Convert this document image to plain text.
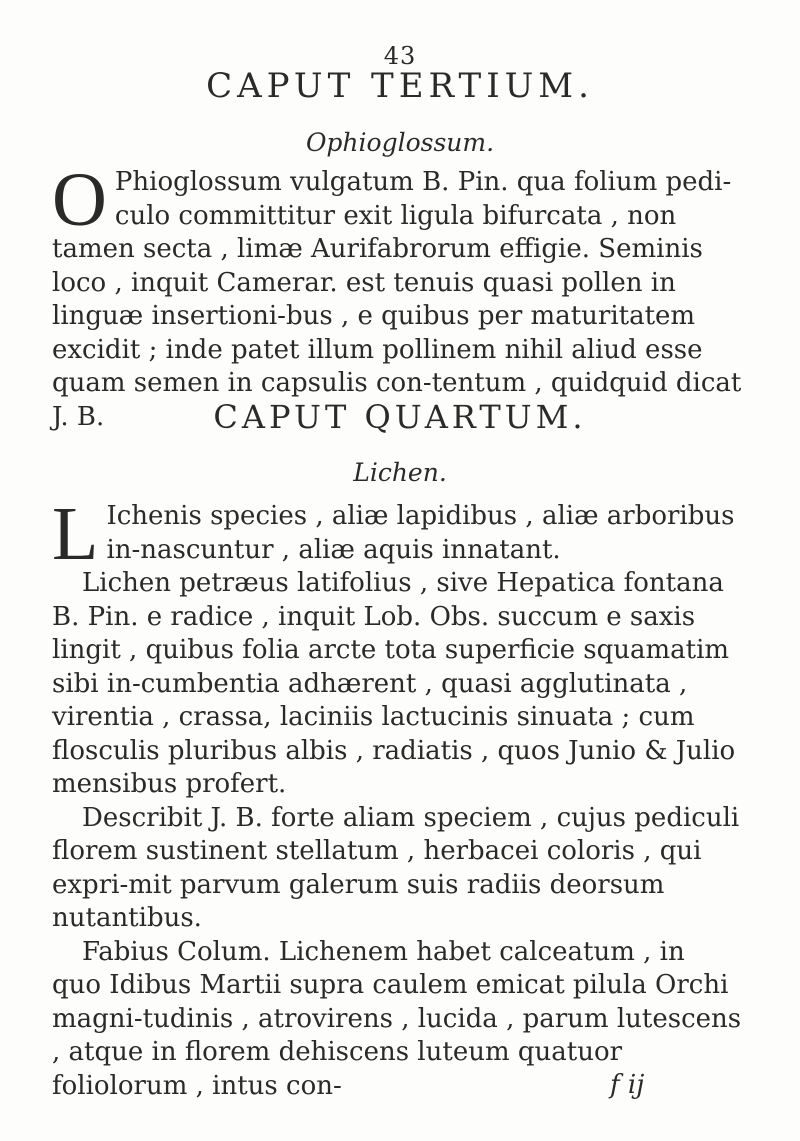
43
CAPUT TERTIUM.
Ophioglossum.

O Phioglossum vulgatum B. Pin. qua folium pedi-culo committitur exit ligula bifurcata , non tamen secta , limæ Aurifabrorum effigie. Seminis loco , inquit Camerar. est tenuis quasi pollen in linguæ insertioni-bus , e quibus per maturitatem excidit ; inde patet illum pollinem nihil aliud esse quam semen in capsulis con-tentum , quidquid dicat J. B.	CAPUT QUARTUM.
Lichen.

L Ichenis species , aliæ lapidibus , aliæ arboribus in-nascuntur , aliæ aquis innatant.

Lichen petræus latifolius , sive Hepatica fontana B. Pin. e radice , inquit Lob. Obs. succum e saxis lingit , quibus folia arcte tota superficie squamatim sibi in-cumbentia adhærent , quasi agglutinata , virentia , crassa, laciniis lactucinis sinuata ; cum flosculis pluribus albis , radiatis , quos Junio & Julio mensibus profert.

Describit J. B. forte aliam speciem , cujus pediculi florem sustinent stellatum , herbacei coloris , qui expri-mit parvum galerum suis radiis deorsum nutantibus.

Fabius Colum. Lichenem habet calceatum , in quo Idibus Martii supra caulem emicat pilula Orchi magni-tudinis , atrovirens , lucida , parum lutescens , atque in florem dehiscens luteum quatuor foliolorum , intus con-	f ij
